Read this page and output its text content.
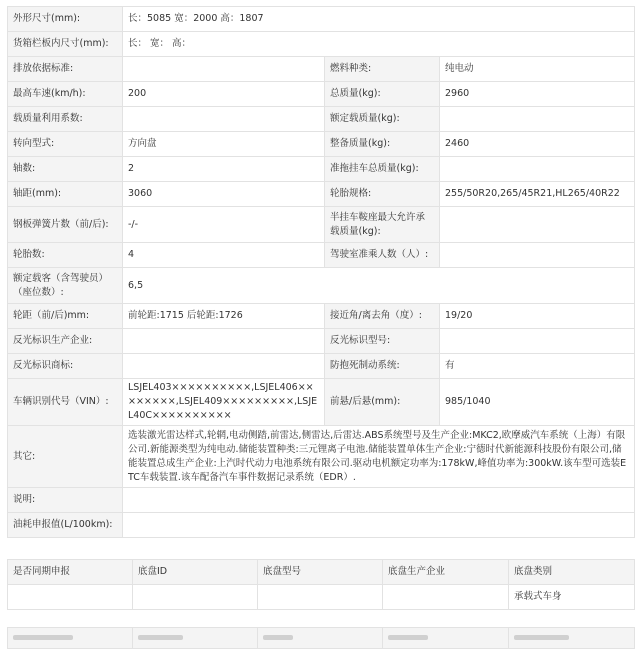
外形尺寸(mm):	长：5085 宽：2000 高：1807		
货箱栏板内尺寸(mm):	长： 宽： 高：		
排放依据标准:		燃料种类:	纯电动
最高车速(km/h):	200	总质量(kg):	2960
载质量利用系数:		额定载质量(kg):	
转向型式:	方向盘	整备质量(kg):	2460
轴数:	2	准拖挂车总质量(kg):	
轴距(mm):	3060	轮胎规格:	255/50R20,265/45R21,HL265/40R22
钢板弹簧片数（前/后):	-/-	半挂车鞍座最大允许承载质量(kg):	
轮胎数:	4	驾驶室准乘人数（人）:	
额定载客（含驾驶员）（座位数）:	6,5		
轮距（前/后)mm:	前轮距:1715 后轮距:1726	接近角/离去角（度）:	19/20
反光标识生产企业:		反光标识型号:	
反光标识商标:		防抱死制动系统:	有
车辆识别代号（VIN）:	LSJEL403××××××××××,LSJEL406××××××××,LSJEL409×××××××××,LSJEL40C××××××××××	前悬/后悬(mm):	985/1040
其它:	选装激光雷达样式,轮辋,电动侧踏,前雷达,侧雷达,后雷达.ABS系统型号及生产企业:MKC2,欧摩威汽车系统（上海）有限公司.新能源类型为纯电动.储能装置种类:三元锂离子电池.储能装置单体生产企业:宁德时代新能源科技股份有限公司,储能装置总成生产企业:上汽时代动力电池系统有限公司.驱动电机额定功率为:178kW,峰值功率为:300kW.该车型可选装ETC车载装置.该车配备汽车事件数据记录系统（EDR）.		
说明:			
油耗申报值(L/100km):			
是否同期申报	底盘ID	底盘型号	底盘生产企业	底盘类别
				承载式车身
